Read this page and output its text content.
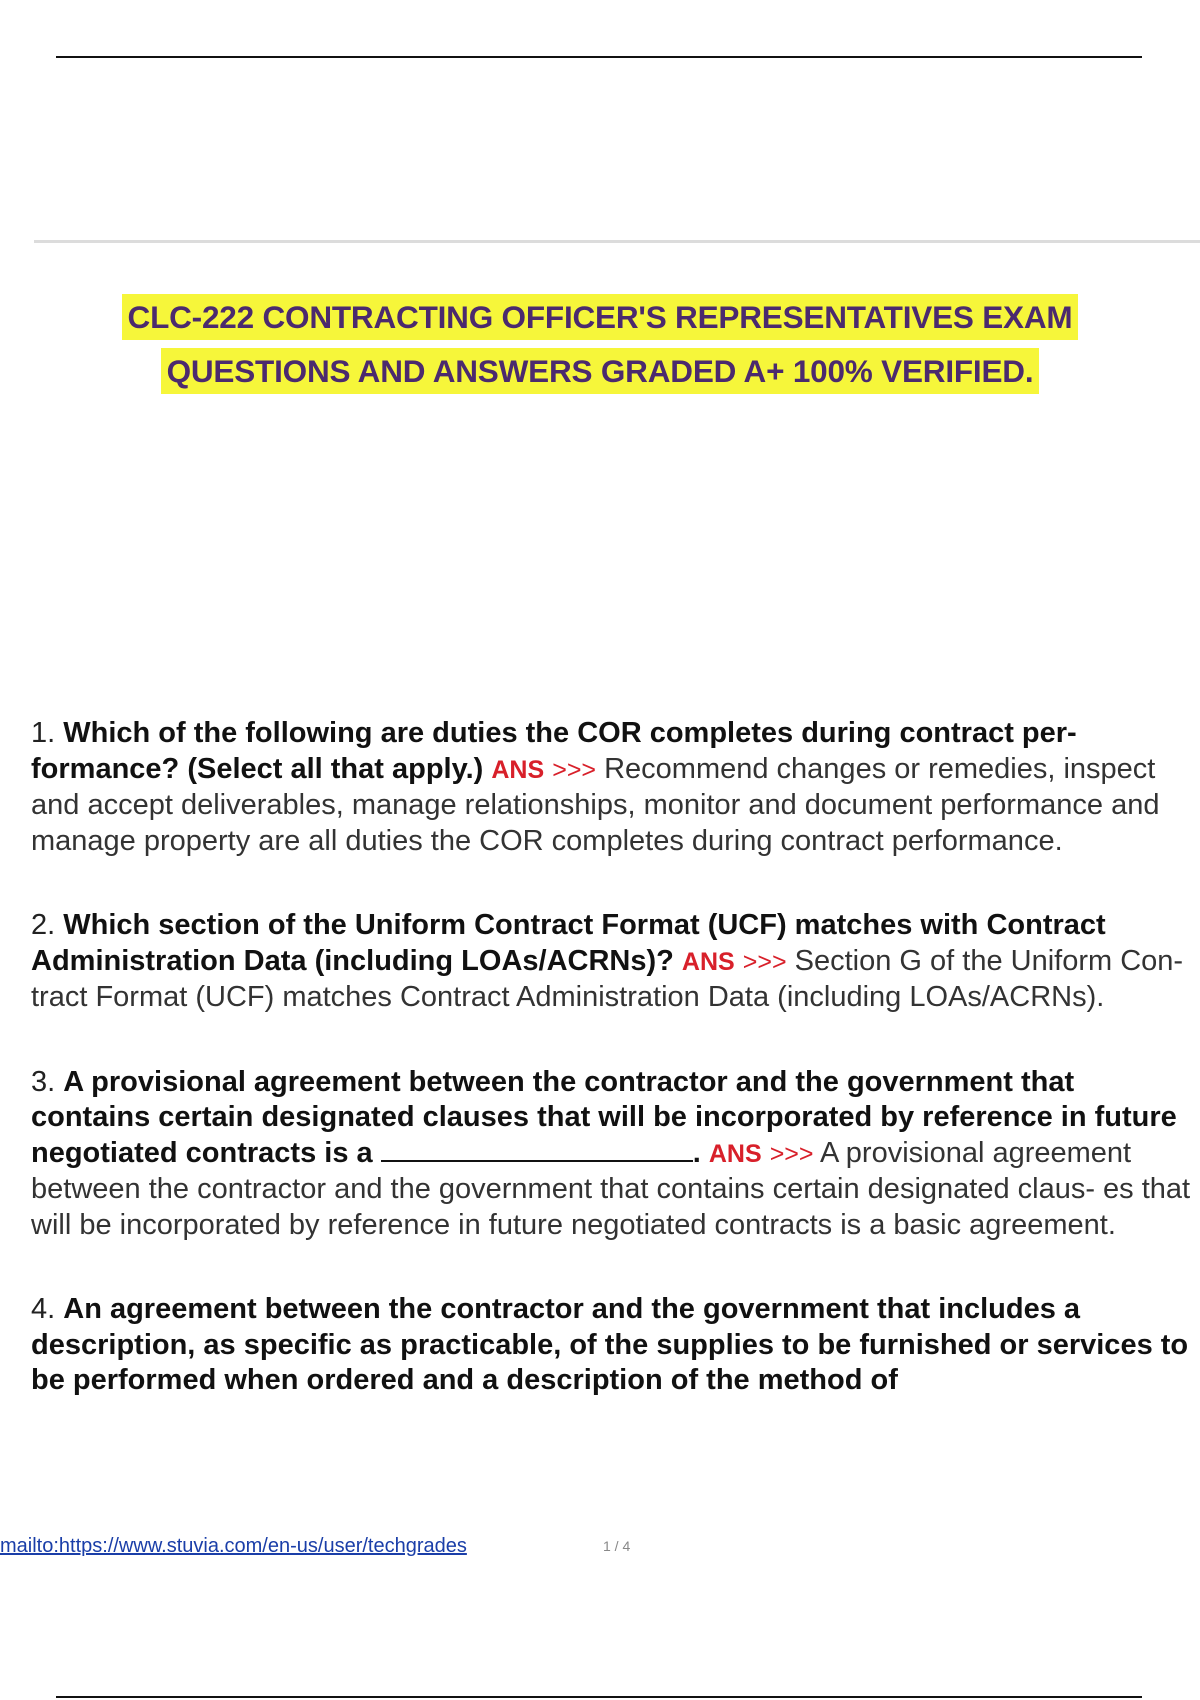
CLC-222 CONTRACTING OFFICER'S REPRESENTATIVES EXAM
QUESTIONS AND ANSWERS GRADED A+ 100% VERIFIED.
1. Which of the following are duties the COR completes during contract per- formance? (Select all that apply.) ANS >>> Recommend changes or remedies, inspect and accept deliverables, manage relationships, monitor and document performance and manage property are all duties the COR completes during contract performance.
2. Which section of the Uniform Contract Format (UCF) matches with Contract Administration Data (including LOAs/ACRNs)? ANS >>> Section G of the Uniform Con- tract Format (UCF) matches Contract Administration Data (including LOAs/ACRNs).
3. A provisional agreement between the contractor and the government that contains certain designated clauses that will be incorporated by reference in future negotiated contracts is a	. ANS >>> A provisional agreement between the contractor and the government that contains certain designated claus- es that will be incorporated by reference in future negotiated contracts is a basic agreement.
4. An agreement between the contractor and the government that includes a description, as specific as practicable, of the supplies to be furnished or services to be performed when ordered and a description of the method of
mailto:https://www.stuvia.com/en-us/user/techgrades	1 / 4
